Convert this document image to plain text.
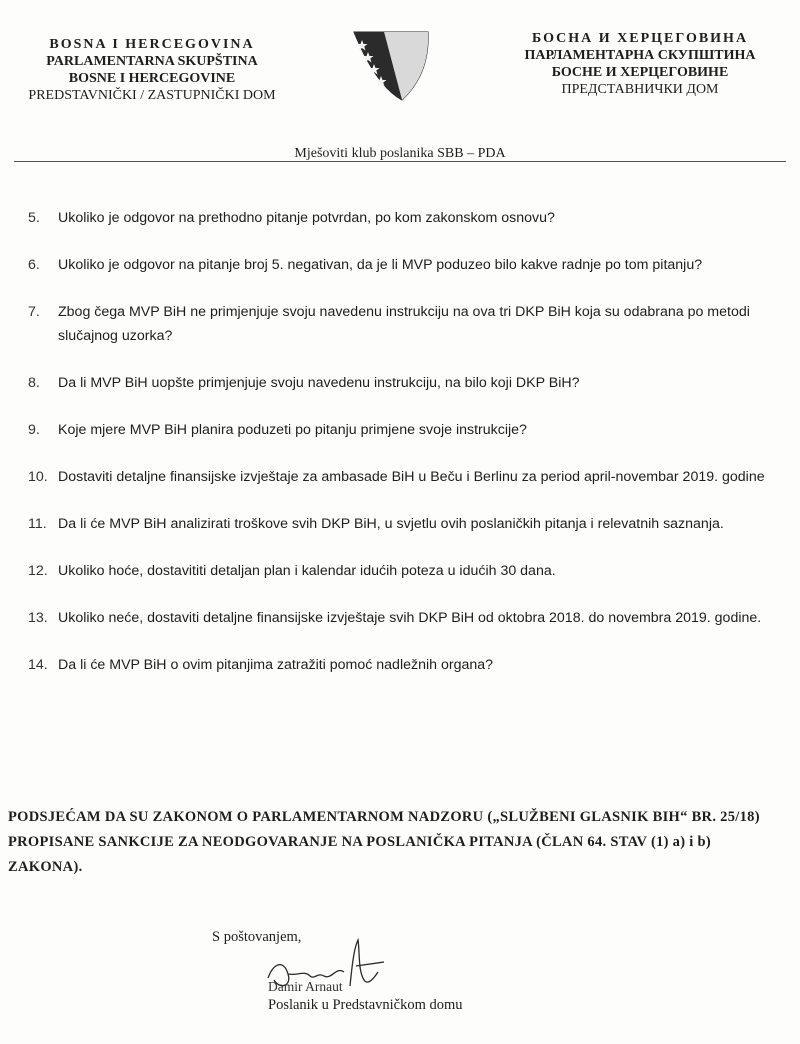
BOSNA I HERCEGOVINA
PARLAMENTARNA SKUPŠTINA
BOSNE I HERCEGOVINE
PREDSTAVNIČKI / ZASTUPNIČKI DOM
БОСНА И ХЕРЦЕГОВИНА
ПАРЛАМЕНТАРНА СКУПШТИНА
БОСНЕ И ХЕРЦЕГОВИНЕ
ПРЕДСТАВНИЧКИ ДОМ
Mješoviti klub poslanika SBB – PDA
5.	Ukoliko je odgovor na prethodno pitanje potvrdan, po kom zakonskom osnovu?
6.	Ukoliko je odgovor na pitanje broj 5. negativan, da je li MVP poduzeo bilo kakve radnje po tom pitanju?
7.	Zbog čega MVP BiH ne primjenjuje svoju navedenu instrukciju na ova tri DKP BiH koja su odabrana po metodi slučajnog uzorka?
8.	Da li MVP BiH uopšte primjenjuje svoju navedenu instrukciju, na bilo koji DKP BiH?
9.	Koje mjere MVP BiH planira poduzeti po pitanju primjene svoje instrukcije?
10. Dostaviti detaljne finansijske izvještaje za ambasade BiH u Beču i Berlinu za period april-novembar 2019. godine
11. Da li će MVP BiH analizirati troškove svih DKP BiH, u svjetlu ovih poslaničkih pitanja i relevatnih saznanja.
12. Ukoliko hoće, dostavititi detaljan plan i kalendar idućih poteza u idućih 30 dana.
13. Ukoliko neće, dostaviti detaljne finansijske izvještaje svih DKP BiH od oktobra 2018. do novembra 2019. godine.
14. Da li će MVP BiH o ovim pitanjima zatražiti pomoć nadležnih organa?
PODSJEĆAM DA SU ZAKONOM O PARLAMENTARNOM NADZORU („SLUŽBENI GLASNIK BIH“ BR. 25/18) PROPISANE SANKCIJE ZA NEODGOVARANJE NA POSLANIČKA PITANJA (ČLAN 64. STAV (1) a) i b) ZAKONA).
S poštovanjem,
Damir Arnaut
Poslanik u Predstavničkom domu
